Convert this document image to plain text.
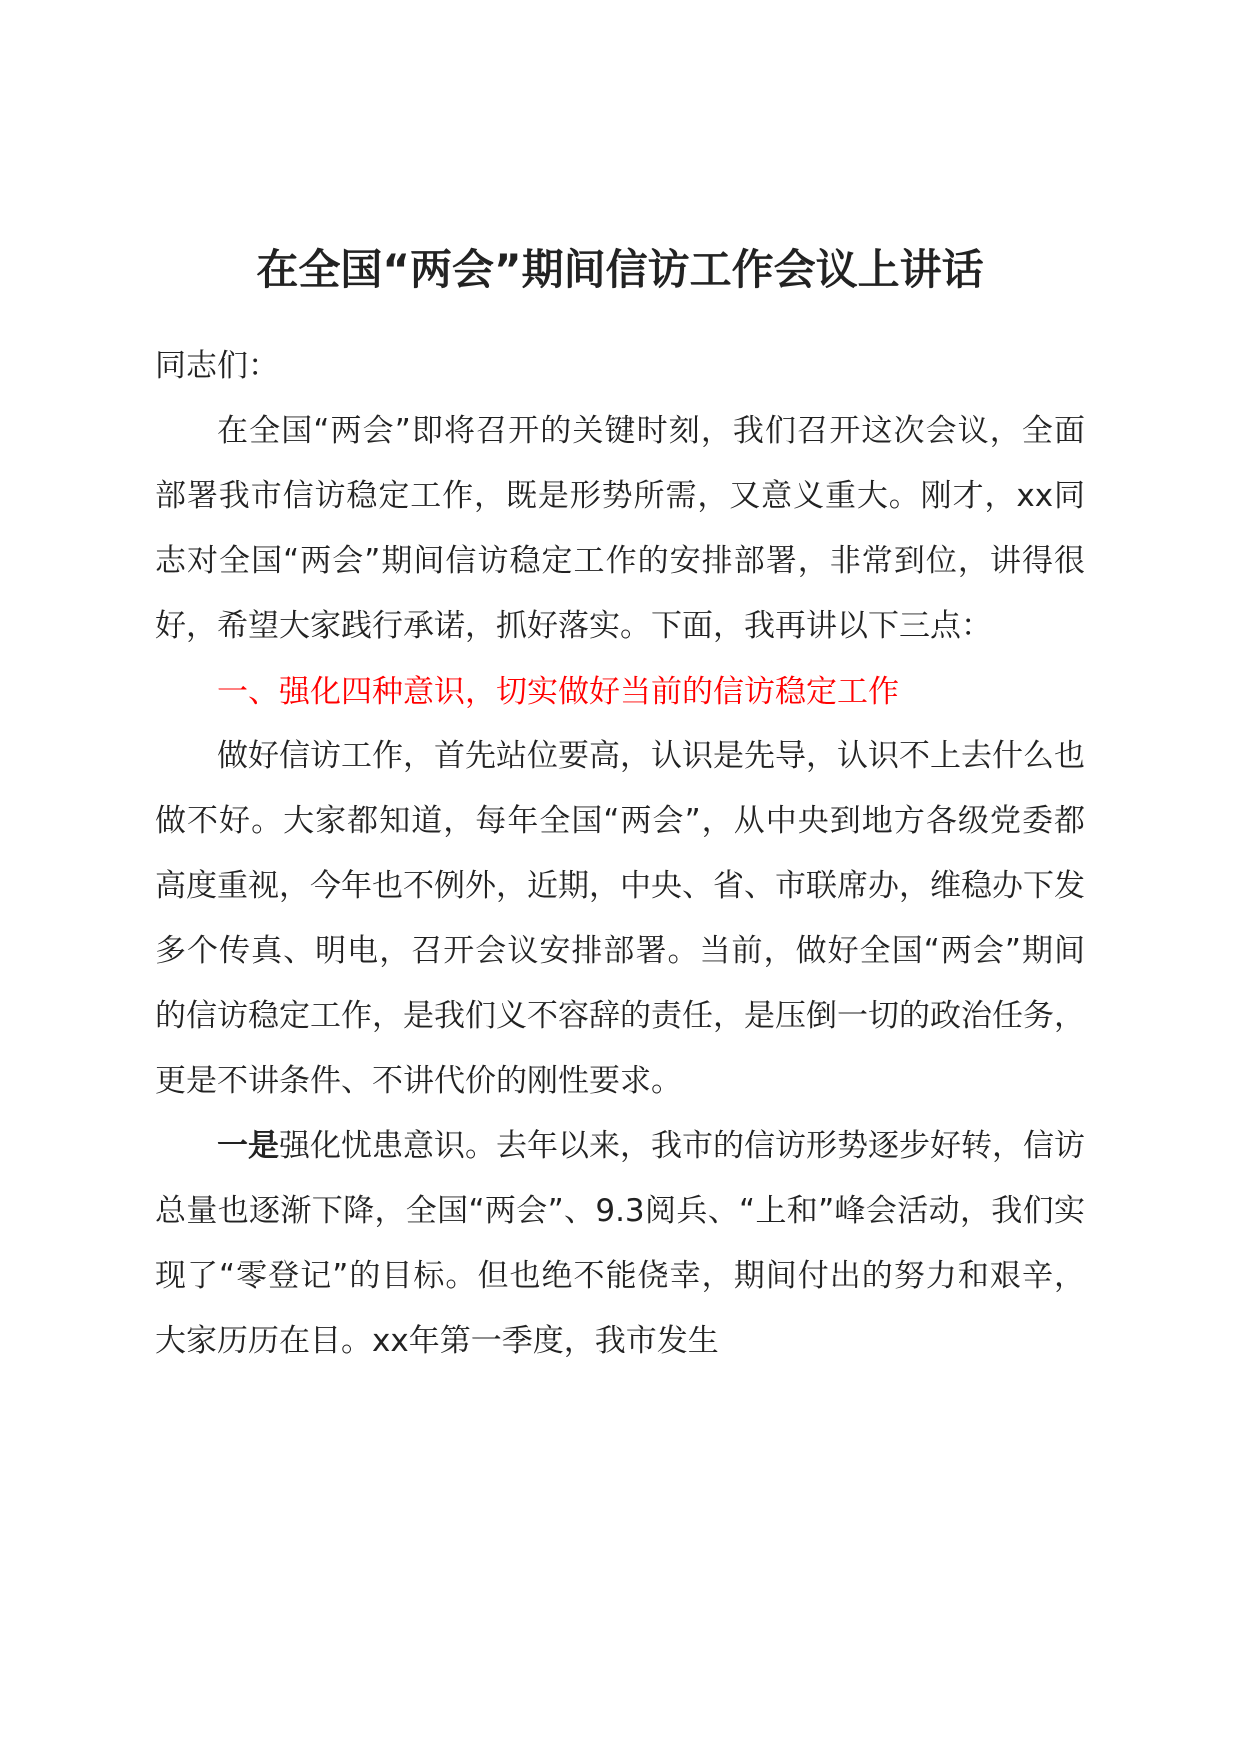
在全国“两会”期间信访工作会议上讲话

同志们：

在全国“两会”即将召开的关键时刻，我们召开这次会议，全面部署我市信访稳定工作，既是形势所需，又意义重大。刚才，xx同志对全国“两会”期间信访稳定工作的安排部署，非常到位，讲得很好，希望大家践行承诺，抓好落实。下面，我再讲以下三点：

一、强化四种意识，切实做好当前的信访稳定工作

做好信访工作，首先站位要高，认识是先导，认识不上去什么也做不好。大家都知道，每年全国“两会”，从中央到地方各级党委都高度重视，今年也不例外，近期，中央、省、市联席办，维稳办下发多个传真、明电，召开会议安排部署。当前，做好全国“两会”期间的信访稳定工作，是我们义不容辞的责任，是压倒一切的政治任务，更是不讲条件、不讲代价的刚性要求。

一是强化忧患意识。去年以来，我市的信访形势逐步好转，信访总量也逐渐下降，全国“两会”、9.3阅兵、“上和”峰会活动，我们实现了“零登记”的目标。但也绝不能侥幸，期间付出的努力和艰辛，大家历历在目。xx年第一季度，我市发生
